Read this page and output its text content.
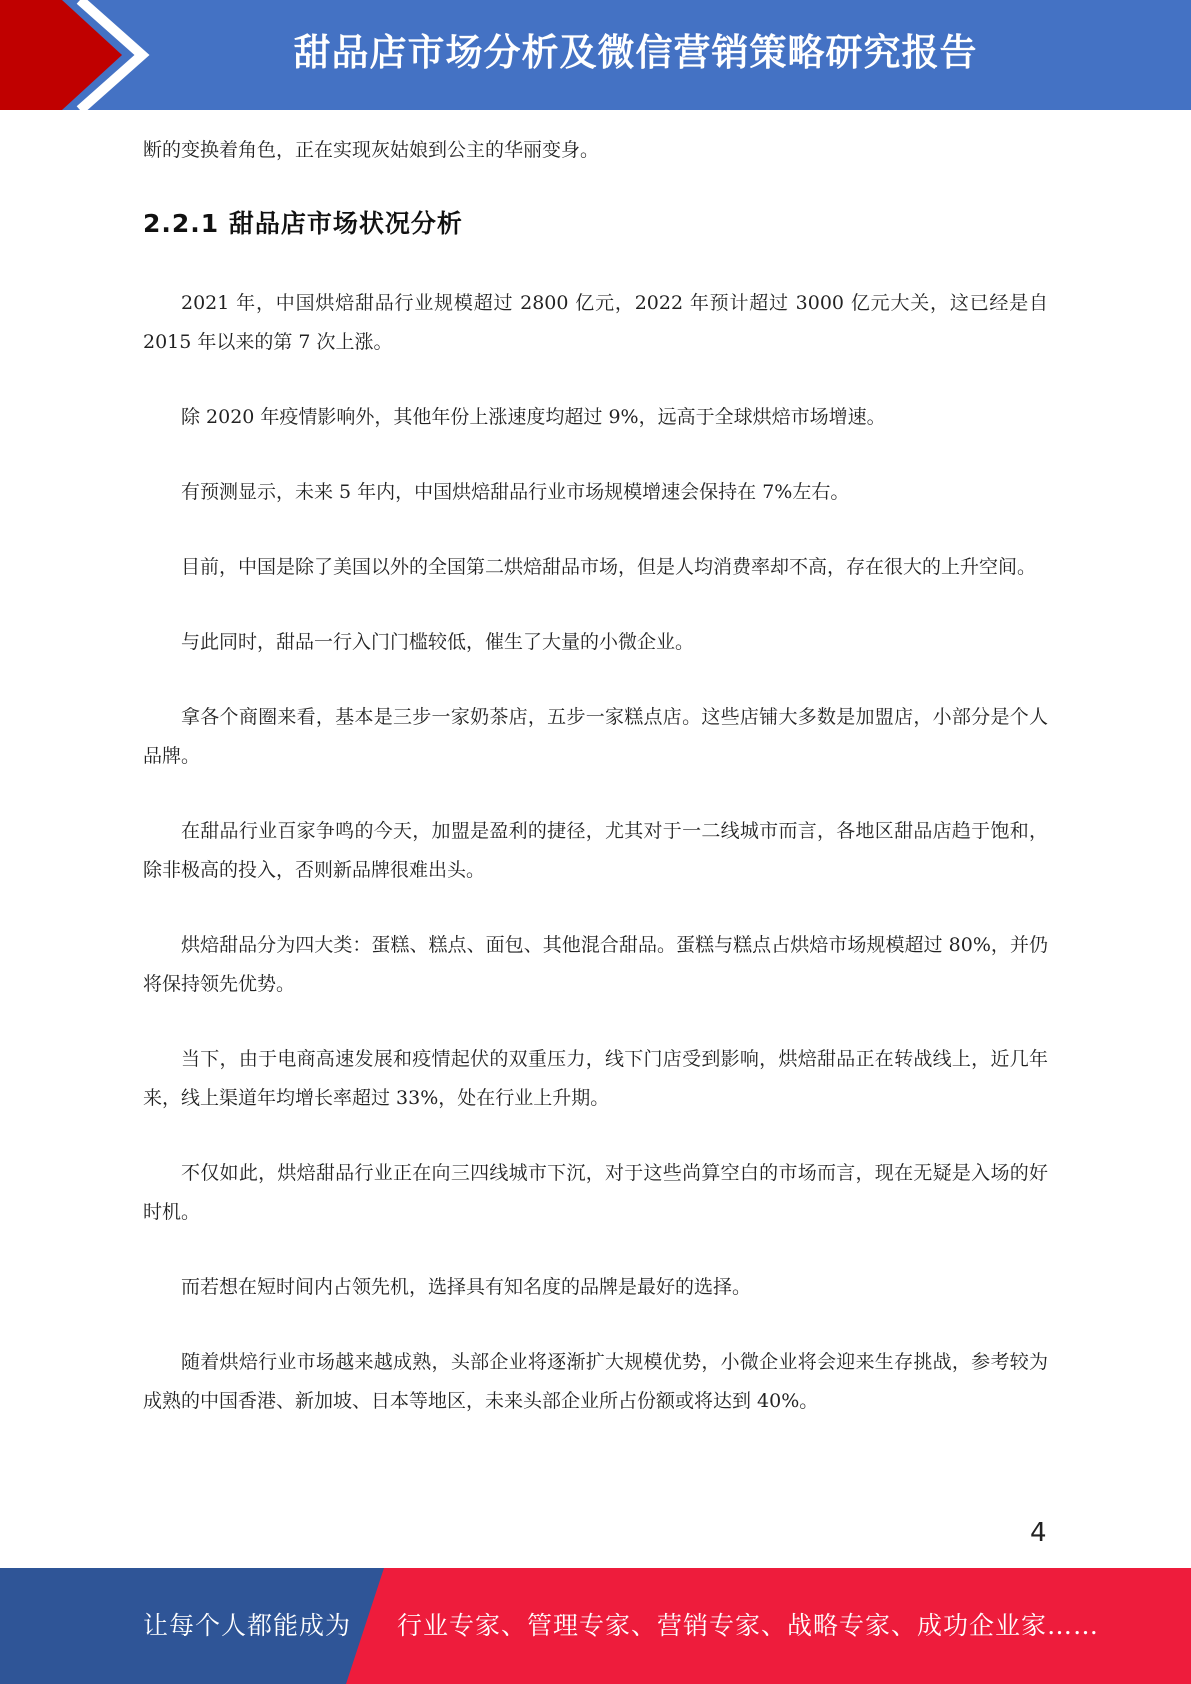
甜品店市场分析及微信营销策略研究报告

断的变换着角色，正在实现灰姑娘到公主的华丽变身。

2.2.1 甜品店市场状况分析

2021 年，中国烘焙甜品行业规模超过 2800 亿元，2022 年预计超过 3000 亿元大关，这已经是自 2015 年以来的第 7 次上涨。

除 2020 年疫情影响外，其他年份上涨速度均超过 9%，远高于全球烘焙市场增速。

有预测显示，未来 5 年内，中国烘焙甜品行业市场规模增速会保持在 7%左右。

目前，中国是除了美国以外的全国第二烘焙甜品市场，但是人均消费率却不高，存在很大的上升空间。

与此同时，甜品一行入门门槛较低，催生了大量的小微企业。

拿各个商圈来看，基本是三步一家奶茶店，五步一家糕点店。这些店铺大多数是加盟店，小部分是个人品牌。

在甜品行业百家争鸣的今天，加盟是盈利的捷径，尤其对于一二线城市而言，各地区甜品店趋于饱和，除非极高的投入，否则新品牌很难出头。

烘焙甜品分为四大类：蛋糕、糕点、面包、其他混合甜品。蛋糕与糕点占烘焙市场规模超过 80%，并仍将保持领先优势。

当下，由于电商高速发展和疫情起伏的双重压力，线下门店受到影响，烘焙甜品正在转战线上，近几年来，线上渠道年均增长率超过 33%，处在行业上升期。

不仅如此，烘焙甜品行业正在向三四线城市下沉，对于这些尚算空白的市场而言，现在无疑是入场的好时机。

而若想在短时间内占领先机，选择具有知名度的品牌是最好的选择。

随着烘焙行业市场越来越成熟，头部企业将逐渐扩大规模优势，小微企业将会迎来生存挑战，参考较为成熟的中国香港、新加坡、日本等地区，未来头部企业所占份额或将达到 40%。

4
让每个人都能成为 行业专家、管理专家、营销专家、战略专家、成功企业家……
